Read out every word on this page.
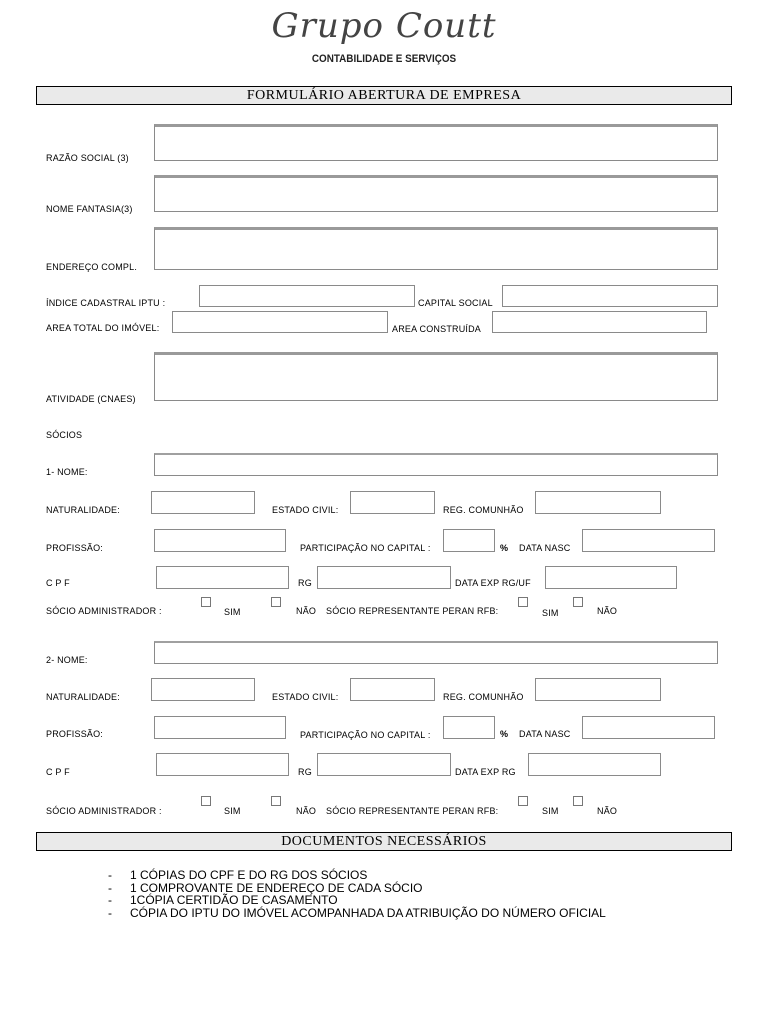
Grupo Coutt
CONTABILIDADE E SERVIÇOS
FORMULÁRIO ABERTURA DE EMPRESA
RAZÃO SOCIAL (3)
NOME FANTASIA(3)
ENDEREÇO COMPL.
ÍNDICE CADASTRAL IPTU :	CAPITAL SOCIAL
AREA TOTAL DO IMÓVEL:	AREA CONSTRUÍDA
ATIVIDADE (CNAES)
SÓCIOS
1- NOME:
NATURALIDADE:	ESTADO CIVIL:	REG. COMUNHÃO
PROFISSÃO:	PARTICIPAÇÃO NO CAPITAL :	% DATA NASC
C P F	RG	DATA EXP RG/UF
SÓCIO ADMINISTRADOR :	SIM	NÃO SÓCIO REPRESENTANTE PERAN RFB:	SIM	NÃO
2- NOME:
NATURALIDADE:	ESTADO CIVIL:	REG. COMUNHÃO
PROFISSÃO:	PARTICIPAÇÃO NO CAPITAL :	% DATA NASC
C P F	RG	DATA EXP RG
SÓCIO ADMINISTRADOR :	SIM	NÃO SÓCIO REPRESENTANTE PERAN RFB:	SIM	NÃO
DOCUMENTOS NECESSÁRIOS
-	1 CÓPIAS DO CPF E DO RG DOS SÓCIOS
-	1 COMPROVANTE DE ENDEREÇO DE CADA SÓCIO
-	1CÓPIA CERTIDÃO DE CASAMENTO
-	CÓPIA DO IPTU DO IMÓVEL ACOMPANHADA DA ATRIBUIÇÃO DO NÚMERO OFICIAL
